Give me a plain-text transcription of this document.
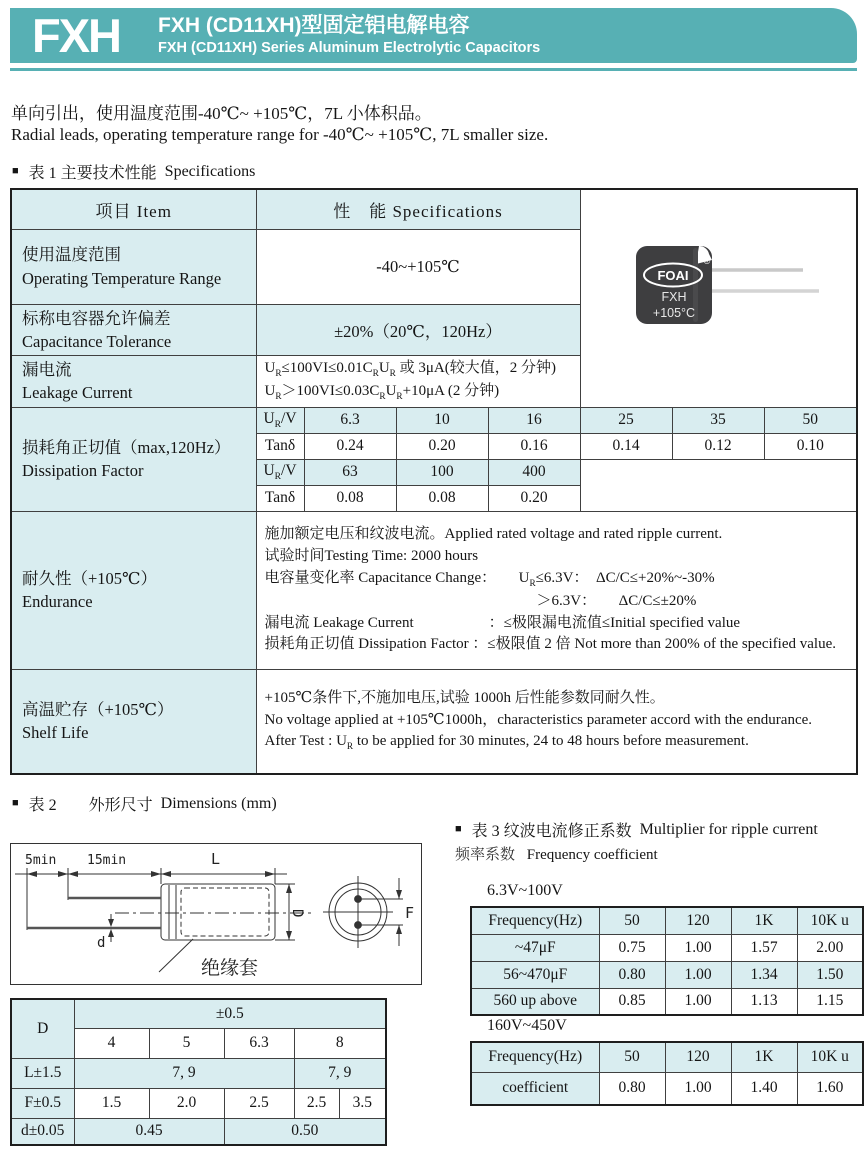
FXH FXH (CD11XH)型固定铝电解电容
FXH (CD11XH) Series Aluminum Electrolytic Capacitors
单向引出，使用温度范围-40℃~ +105℃，7L 小体积品。
Radial leads, operating temperature range for -40℃~ +105℃, 7L smaller size.
■ 表 1 主要技术性能 Specifications
项目 Item	性　能 Specifications				FOAI
®
FXH
+105°C		

使用温度范围
Operating Temperature Range	-40~+105℃						

标称电容器允许偏差
Capacitance Tolerance	±20%（20℃，120Hz）						

漏电流
Leakage Current

$U_R\le 100VI\le 0.01C_RU_R$ 或 3μA(较大值，2 分钟)
$U_R>100VI\le 0.03C_RU_R+10\mu A$ (2 分钟)

损耗角正切值（max,120Hz）
Dissipation Factor	$U_R/V$	6.3	10	16	25	35	50
	Tanδ	0.24	0.20	0.16	0.14	0.12	0.10
	$U_R/V$	63	100	400			
	Tanδ	0.08	0.08	0.20			

耐久性（+105℃）
Endurance

施加额定电压和纹波电流。Applied rated voltage and rated ripple current.
试验时间Testing Time: 2000 hours
电容量变化率 Capacitance Change：　　$U_R\le 6.3V$：　ΔC/C≤+20%~-30%
＞6.3V：　　ΔC/C≤±20%
漏电流 Leakage Current　　　　　：≤极限漏电流值≤Initial specified value
损耗角正切值 Dissipation Factor ：≤极限值 2 倍 Not more than 200% of the specified value.

高温贮存（+105℃）
Shelf Life

+105℃条件下,不施加电压,试验 1000h 后性能参数同耐久性。
No voltage applied at +105℃1000h，characteristics parameter accord with the endurance.
After Test : $U_R$ to be applied for 30 minutes, 24 to 48 hours before measurement.
■ 表 2　　外形尺寸 Dimensions (mm)
5min 15min	L
d
D	F
绝缘套
D	±0.5				
	4	5	6.3	8	
L±1.5	7, 9			7, 9	
F±0.5	1.5	2.0	2.5	2.5	3.5
d±0.05	0.45		0.50		
■ 表 3 纹波电流修正系数 Multiplier for ripple current
频率系数 Frequency coefficient
6.3V~100V
Frequency(Hz)	50	120	1K	10K u
~47μF	0.75	1.00	1.57	2.00
56~470μF	0.80	1.00	1.34	1.50
560 up above	0.85	1.00	1.13	1.15
160V~450V
Frequency(Hz)	50	120	1K	10K u
coefficient	0.80	1.00	1.40	1.60
